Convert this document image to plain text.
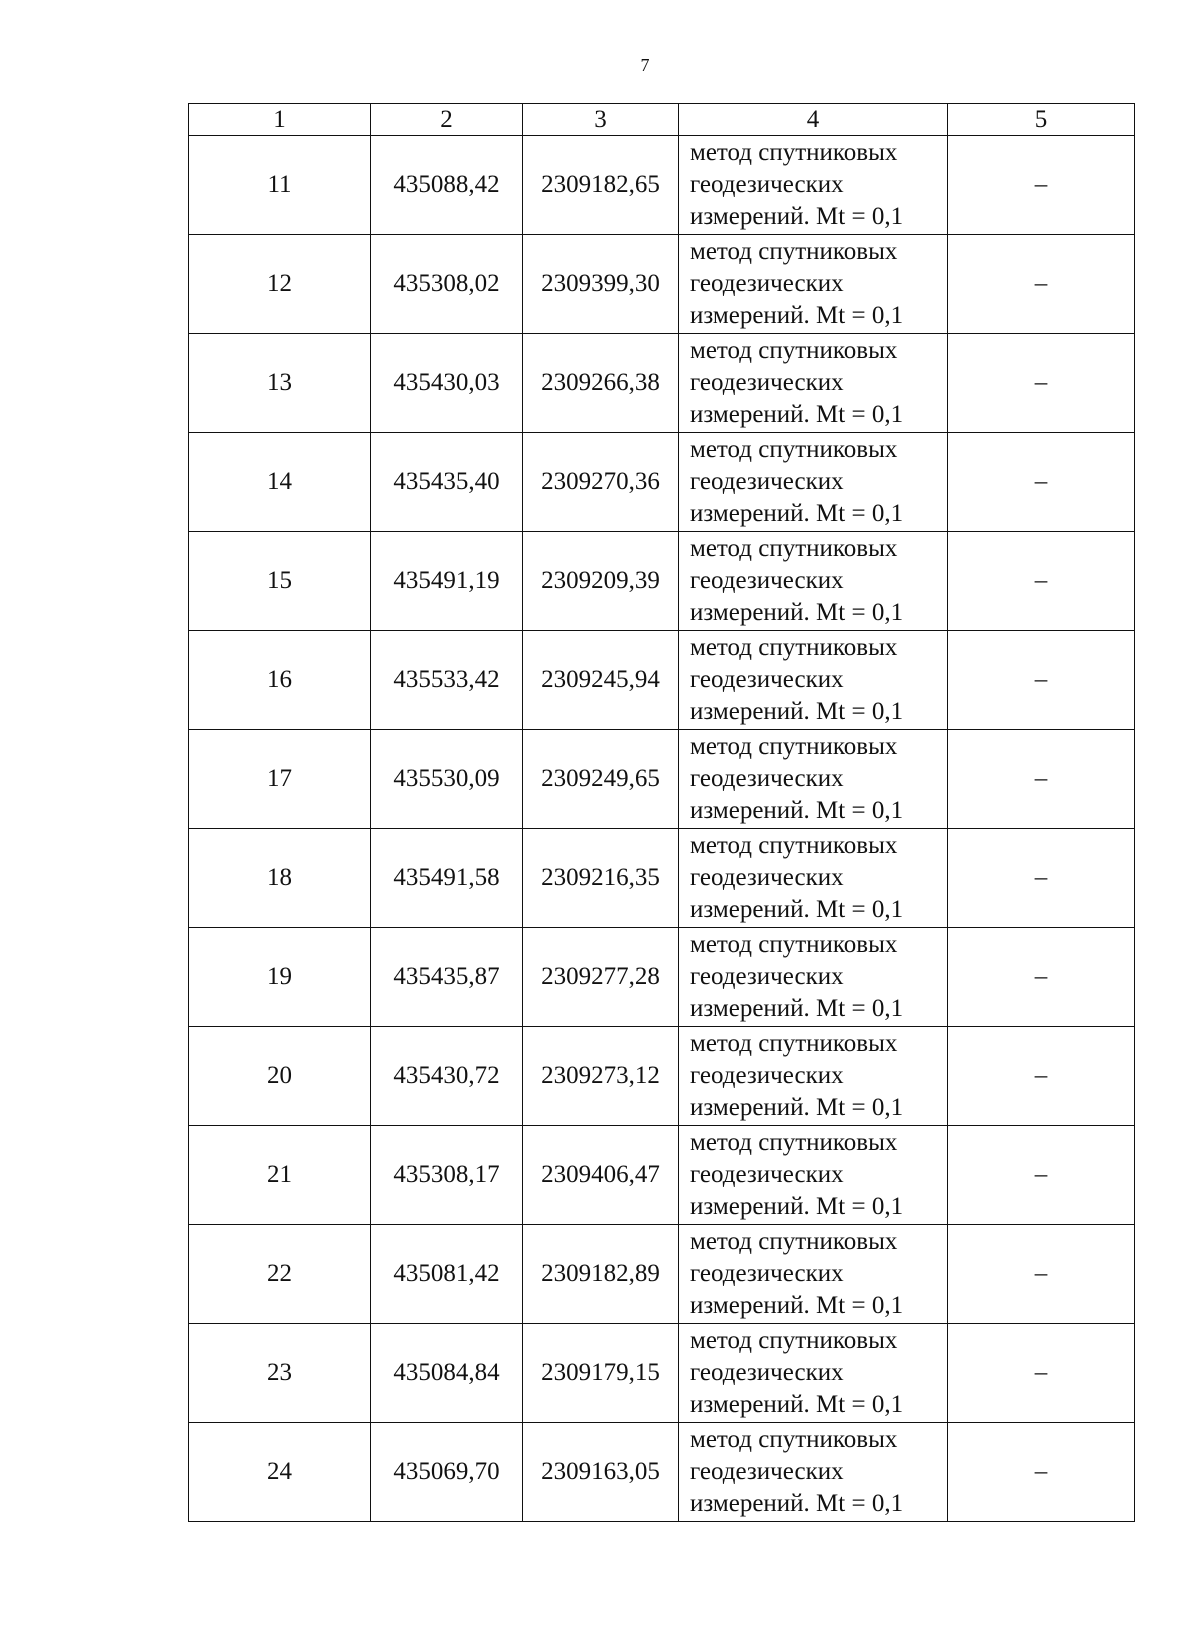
7
1	2	3	4	5
11	435088,42	2309182,65	метод спутниковых
геодезических
измерений. Mt = 0,1	–
12	435308,02	2309399,30	метод спутниковых
геодезических
измерений. Mt = 0,1	–
13	435430,03	2309266,38	метод спутниковых
геодезических
измерений. Mt = 0,1	–
14	435435,40	2309270,36	метод спутниковых
геодезических
измерений. Mt = 0,1	–
15	435491,19	2309209,39	метод спутниковых
геодезических
измерений. Mt = 0,1	–
16	435533,42	2309245,94	метод спутниковых
геодезических
измерений. Mt = 0,1	–
17	435530,09	2309249,65	метод спутниковых
геодезических
измерений. Mt = 0,1	–
18	435491,58	2309216,35	метод спутниковых
геодезических
измерений. Mt = 0,1	–
19	435435,87	2309277,28	метод спутниковых
геодезических
измерений. Mt = 0,1	–
20	435430,72	2309273,12	метод спутниковых
геодезических
измерений. Mt = 0,1	–
21	435308,17	2309406,47	метод спутниковых
геодезических
измерений. Mt = 0,1	–
22	435081,42	2309182,89	метод спутниковых
геодезических
измерений. Mt = 0,1	–
23	435084,84	2309179,15	метод спутниковых
геодезических
измерений. Mt = 0,1	–
24	435069,70	2309163,05	метод спутниковых
геодезических
измерений. Mt = 0,1	–
